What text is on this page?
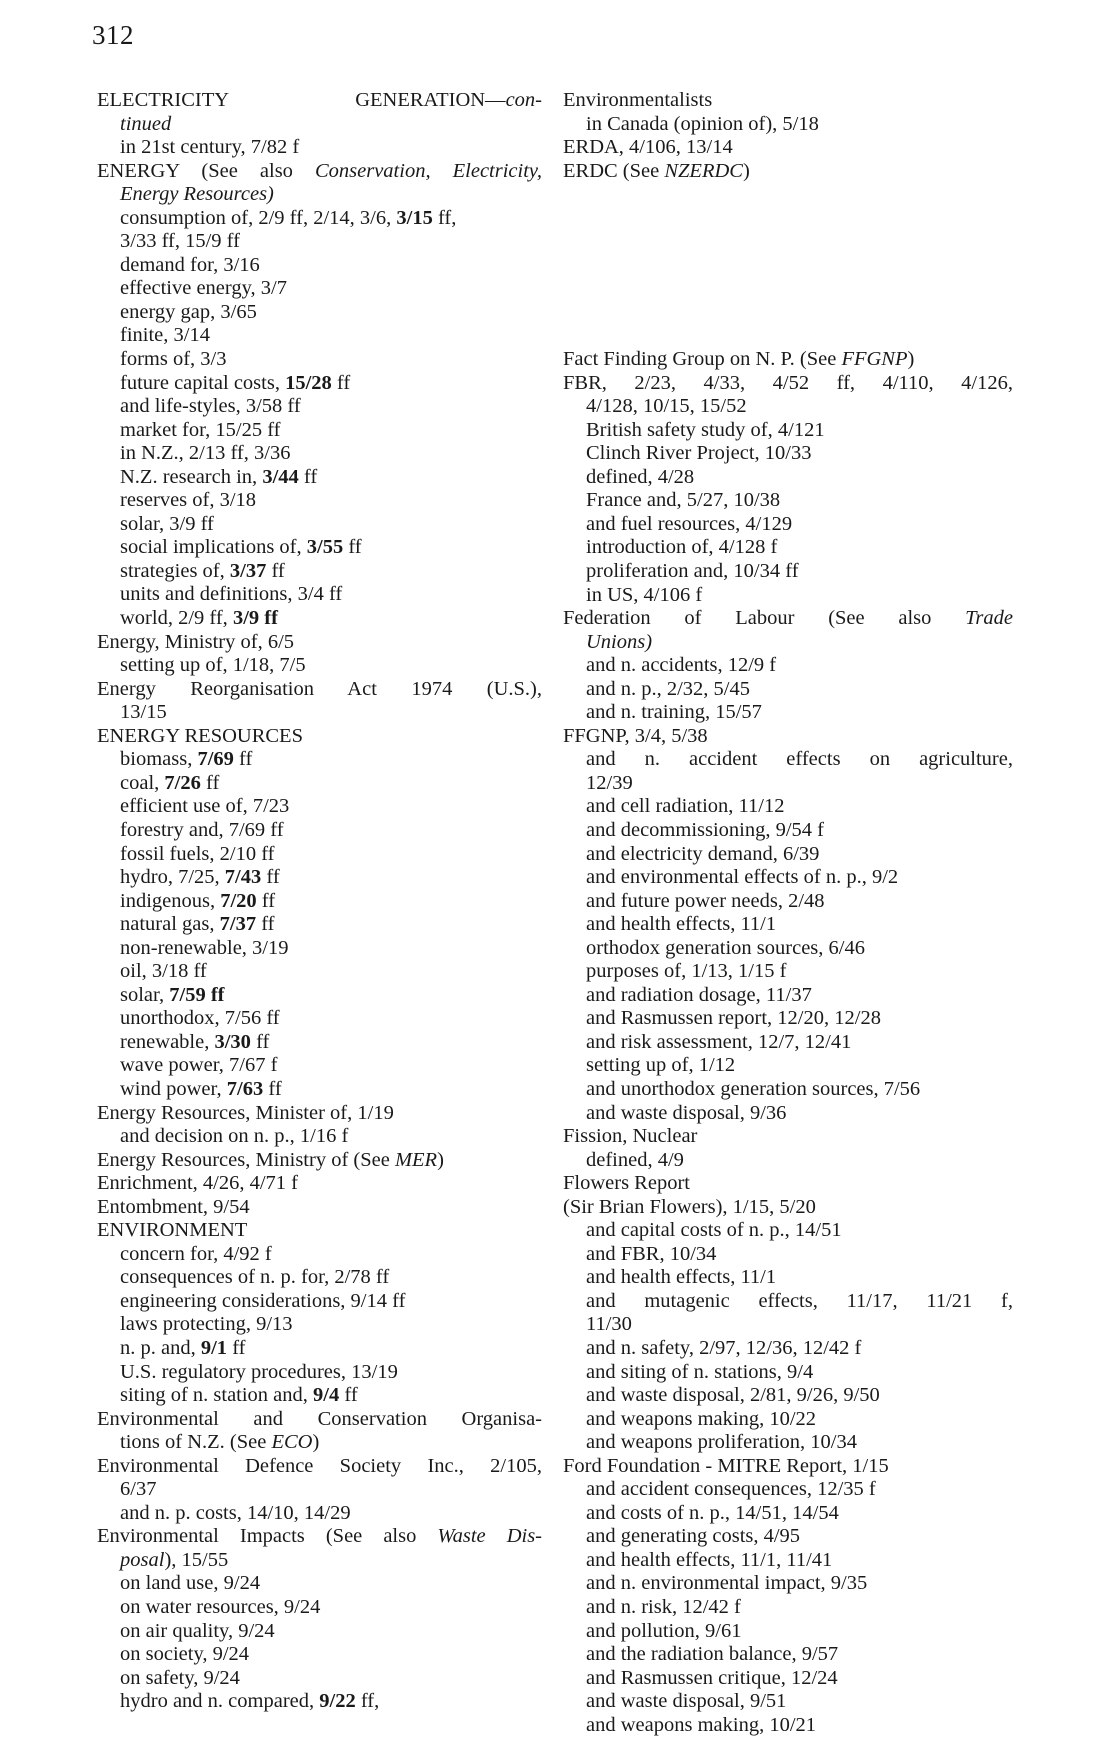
312
ELECTRICITY GENERATION—con-
tinued
in 21st century, 7/82 f
ENERGY (See also Conservation, Electricity,
Energy Resources)
consumption of, 2/9 ff, 2/14, 3/6, 3/15 ff,
3/33 ff, 15/9 ff
demand for, 3/16
effective energy, 3/7
energy gap, 3/65
finite, 3/14
forms of, 3/3
future capital costs, 15/28 ff
and life-styles, 3/58 ff
market for, 15/25 ff
in N.Z., 2/13 ff, 3/36
N.Z. research in, 3/44 ff
reserves of, 3/18
solar, 3/9 ff
social implications of, 3/55 ff
strategies of, 3/37 ff
units and definitions, 3/4 ff
world, 2/9 ff, 3/9 ff
Energy, Ministry of, 6/5
setting up of, 1/18, 7/5
Energy Reorganisation Act 1974 (U.S.),
13/15
ENERGY RESOURCES
biomass, 7/69 ff
coal, 7/26 ff
efficient use of, 7/23
forestry and, 7/69 ff
fossil fuels, 2/10 ff
hydro, 7/25, 7/43 ff
indigenous, 7/20 ff
natural gas, 7/37 ff
non-renewable, 3/19
oil, 3/18 ff
solar, 7/59 ff
unorthodox, 7/56 ff
renewable, 3/30 ff
wave power, 7/67 f
wind power, 7/63 ff
Energy Resources, Minister of, 1/19
and decision on n. p., 1/16 f
Energy Resources, Ministry of (See MER)
Enrichment, 4/26, 4/71 f
Entombment, 9/54
ENVIRONMENT
concern for, 4/92 f
consequences of n. p. for, 2/78 ff
engineering considerations, 9/14 ff
laws protecting, 9/13
n. p. and, 9/1 ff
U.S. regulatory procedures, 13/19
siting of n. station and, 9/4 ff
Environmental and Conservation Organisa-
tions of N.Z. (See ECO)
Environmental Defence Society Inc., 2/105,
6/37
and n. p. costs, 14/10, 14/29
Environmental Impacts (See also Waste Dis-
posal), 15/55
on land use, 9/24
on water resources, 9/24
on air quality, 9/24
on society, 9/24
on safety, 9/24
hydro and n. compared, 9/22 ff,
Environmentalists
in Canada (opinion of), 5/18
ERDA, 4/106, 13/14
ERDC (See NZERDC)
Fact Finding Group on N. P. (See FFGNP)
FBR, 2/23, 4/33, 4/52 ff, 4/110, 4/126,
4/128, 10/15, 15/52
British safety study of, 4/121
Clinch River Project, 10/33
defined, 4/28
France and, 5/27, 10/38
and fuel resources, 4/129
introduction of, 4/128 f
proliferation and, 10/34 ff
in US, 4/106 f
Federation of Labour (See also Trade
Unions)
and n. accidents, 12/9 f
and n. p., 2/32, 5/45
and n. training, 15/57
FFGNP, 3/4, 5/38
and n. accident effects on agriculture,
12/39
and cell radiation, 11/12
and decommissioning, 9/54 f
and electricity demand, 6/39
and environmental effects of n. p., 9/2
and future power needs, 2/48
and health effects, 11/1
orthodox generation sources, 6/46
purposes of, 1/13, 1/15 f
and radiation dosage, 11/37
and Rasmussen report, 12/20, 12/28
and risk assessment, 12/7, 12/41
setting up of, 1/12
and unorthodox generation sources, 7/56
and waste disposal, 9/36
Fission, Nuclear
defined, 4/9
Flowers Report
(Sir Brian Flowers), 1/15, 5/20
and capital costs of n. p., 14/51
and FBR, 10/34
and health effects, 11/1
and mutagenic effects, 11/17, 11/21 f,
11/30
and n. safety, 2/97, 12/36, 12/42 f
and siting of n. stations, 9/4
and waste disposal, 2/81, 9/26, 9/50
and weapons making, 10/22
and weapons proliferation, 10/34
Ford Foundation - MITRE Report, 1/15
and accident consequences, 12/35 f
and costs of n. p., 14/51, 14/54
and generating costs, 4/95
and health effects, 11/1, 11/41
and n. environmental impact, 9/35
and n. risk, 12/42 f
and pollution, 9/61
and the radiation balance, 9/57
and Rasmussen critique, 12/24
and waste disposal, 9/51
and weapons making, 10/21
